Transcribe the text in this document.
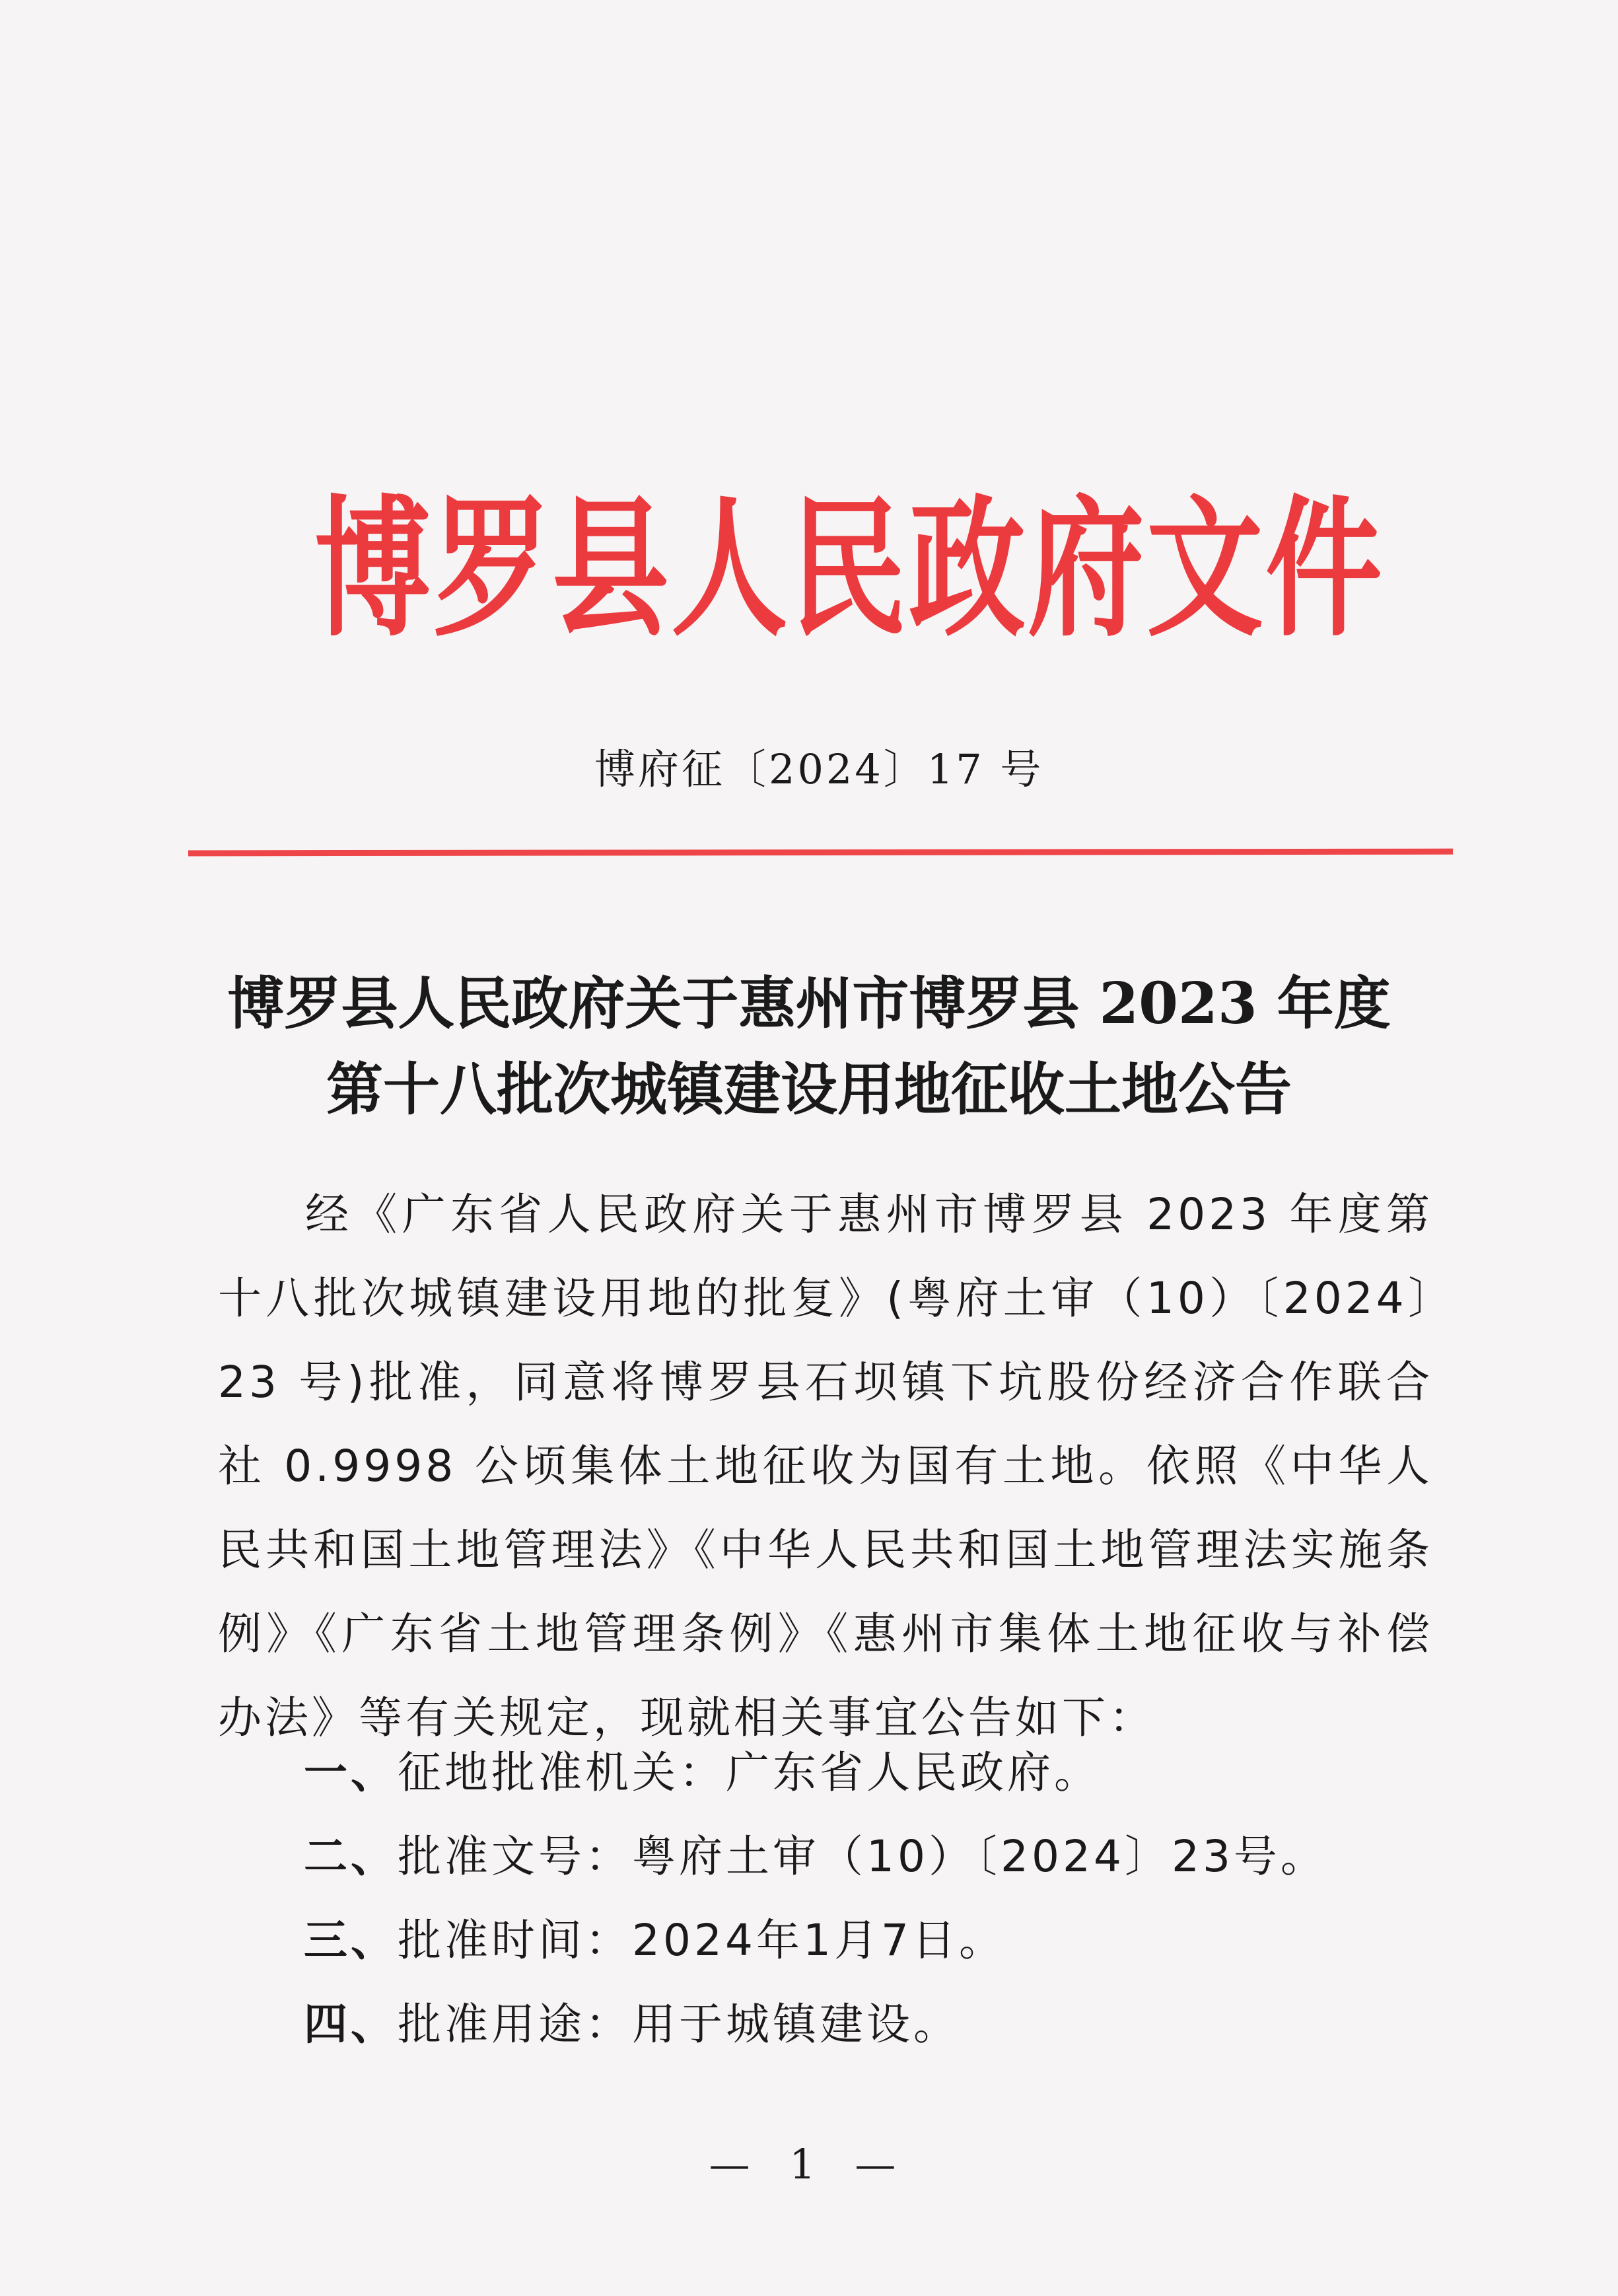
博 罗 县 人 民 政 府 文 件
博府征〔2024〕17 号
博罗县人民政府关于惠州市博罗县 2023 年度
第十八批次城镇建设用地征收土地公告

经《广东省人民政府关于惠州市博罗县 2023 年度第十八批次城镇建设用地的批复》(粤府土审（10）〔2024〕23 号)批准，同意将博罗县石坝镇下坑股份经济合作联合社 0.9998 公顷集体土地征收为国有土地。依照《中华人民共和国土地管理法》《中华人民共和国土地管理法实施条例》《广东省土地管理条例》《惠州市集体土地征收与补偿办法》等有关规定，现就相关事宜公告如下：

一、征地批准机关：广东省人民政府。
二、批准文号：粤府土审（10）〔2024〕23号。
三、批准时间：2024年1月7日。
四、批准用途：用于城镇建设。
— 1 —
